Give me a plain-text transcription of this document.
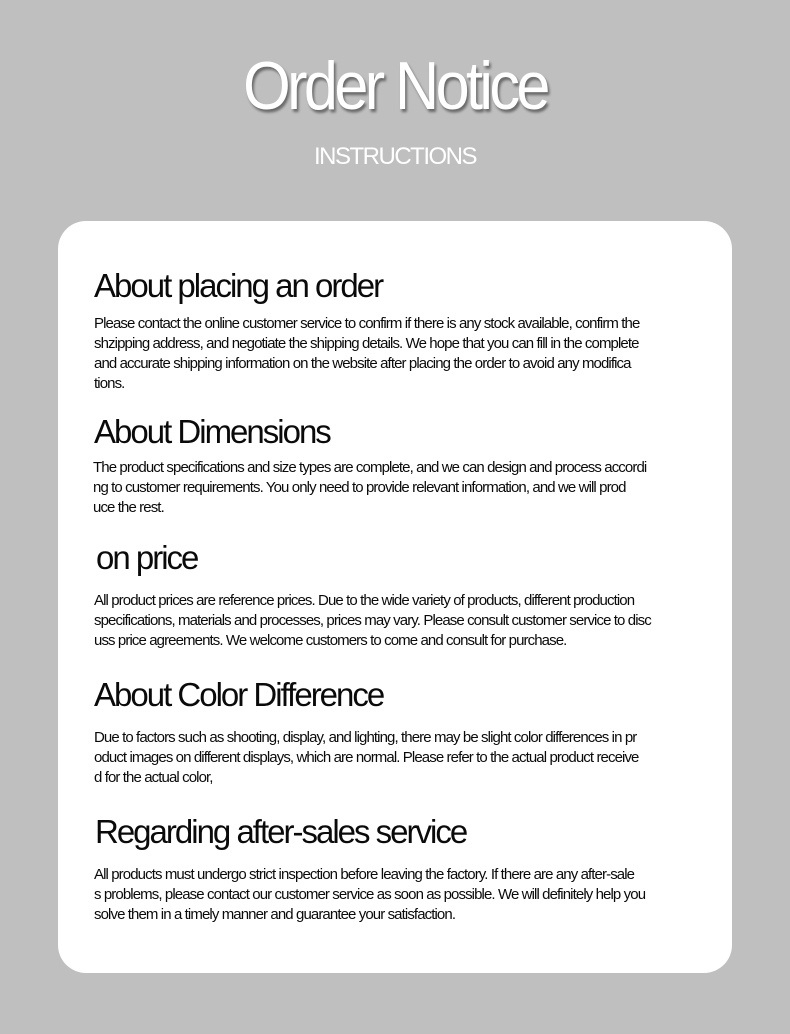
Order Notice
INSTRUCTIONS
About placing an order

Please contact the online customer service to confirm if there is any stock available, confirm the
shzipping address, and negotiate the shipping details. We hope that you can fill in the complete
and accurate shipping information on the website after placing the order to avoid any modifica
tions.

About Dimensions

The product specifications and size types are complete, and we can design and process accordi
ng to customer requirements. You only need to provide relevant information, and we will prod
uce the rest.

on price

All product prices are reference prices. Due to the wide variety of products, different production
specifications, materials and processes, prices may vary. Please consult customer service to disc
uss price agreements. We welcome customers to come and consult for purchase.

About Color Difference

Due to factors such as shooting, display, and lighting, there may be slight color differences in pr
oduct images on different displays, which are normal. Please refer to the actual product receive
d for the actual color,

Regarding after-sales service

All products must undergo strict inspection before leaving the factory. If there are any after-sale
s problems, please contact our customer service as soon as possible. We will definitely help you
solve them in a timely manner and guarantee your satisfaction.
